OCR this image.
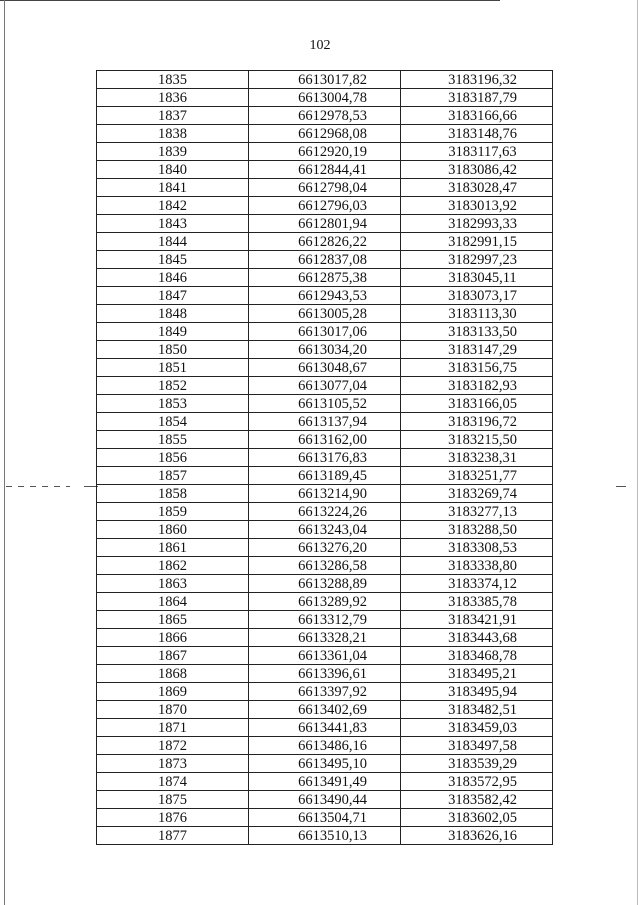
102
1835	6613017,82	3183196,32
1836	6613004,78	3183187,79
1837	6612978,53	3183166,66
1838	6612968,08	3183148,76
1839	6612920,19	3183117,63
1840	6612844,41	3183086,42
1841	6612798,04	3183028,47
1842	6612796,03	3183013,92
1843	6612801,94	3182993,33
1844	6612826,22	3182991,15
1845	6612837,08	3182997,23
1846	6612875,38	3183045,11
1847	6612943,53	3183073,17
1848	6613005,28	3183113,30
1849	6613017,06	3183133,50
1850	6613034,20	3183147,29
1851	6613048,67	3183156,75
1852	6613077,04	3183182,93
1853	6613105,52	3183166,05
1854	6613137,94	3183196,72
1855	6613162,00	3183215,50
1856	6613176,83	3183238,31
1857	6613189,45	3183251,77
1858	6613214,90	3183269,74
1859	6613224,26	3183277,13
1860	6613243,04	3183288,50
1861	6613276,20	3183308,53
1862	6613286,58	3183338,80
1863	6613288,89	3183374,12
1864	6613289,92	3183385,78
1865	6613312,79	3183421,91
1866	6613328,21	3183443,68
1867	6613361,04	3183468,78
1868	6613396,61	3183495,21
1869	6613397,92	3183495,94
1870	6613402,69	3183482,51
1871	6613441,83	3183459,03
1872	6613486,16	3183497,58
1873	6613495,10	3183539,29
1874	6613491,49	3183572,95
1875	6613490,44	3183582,42
1876	6613504,71	3183602,05
1877	6613510,13	3183626,16
